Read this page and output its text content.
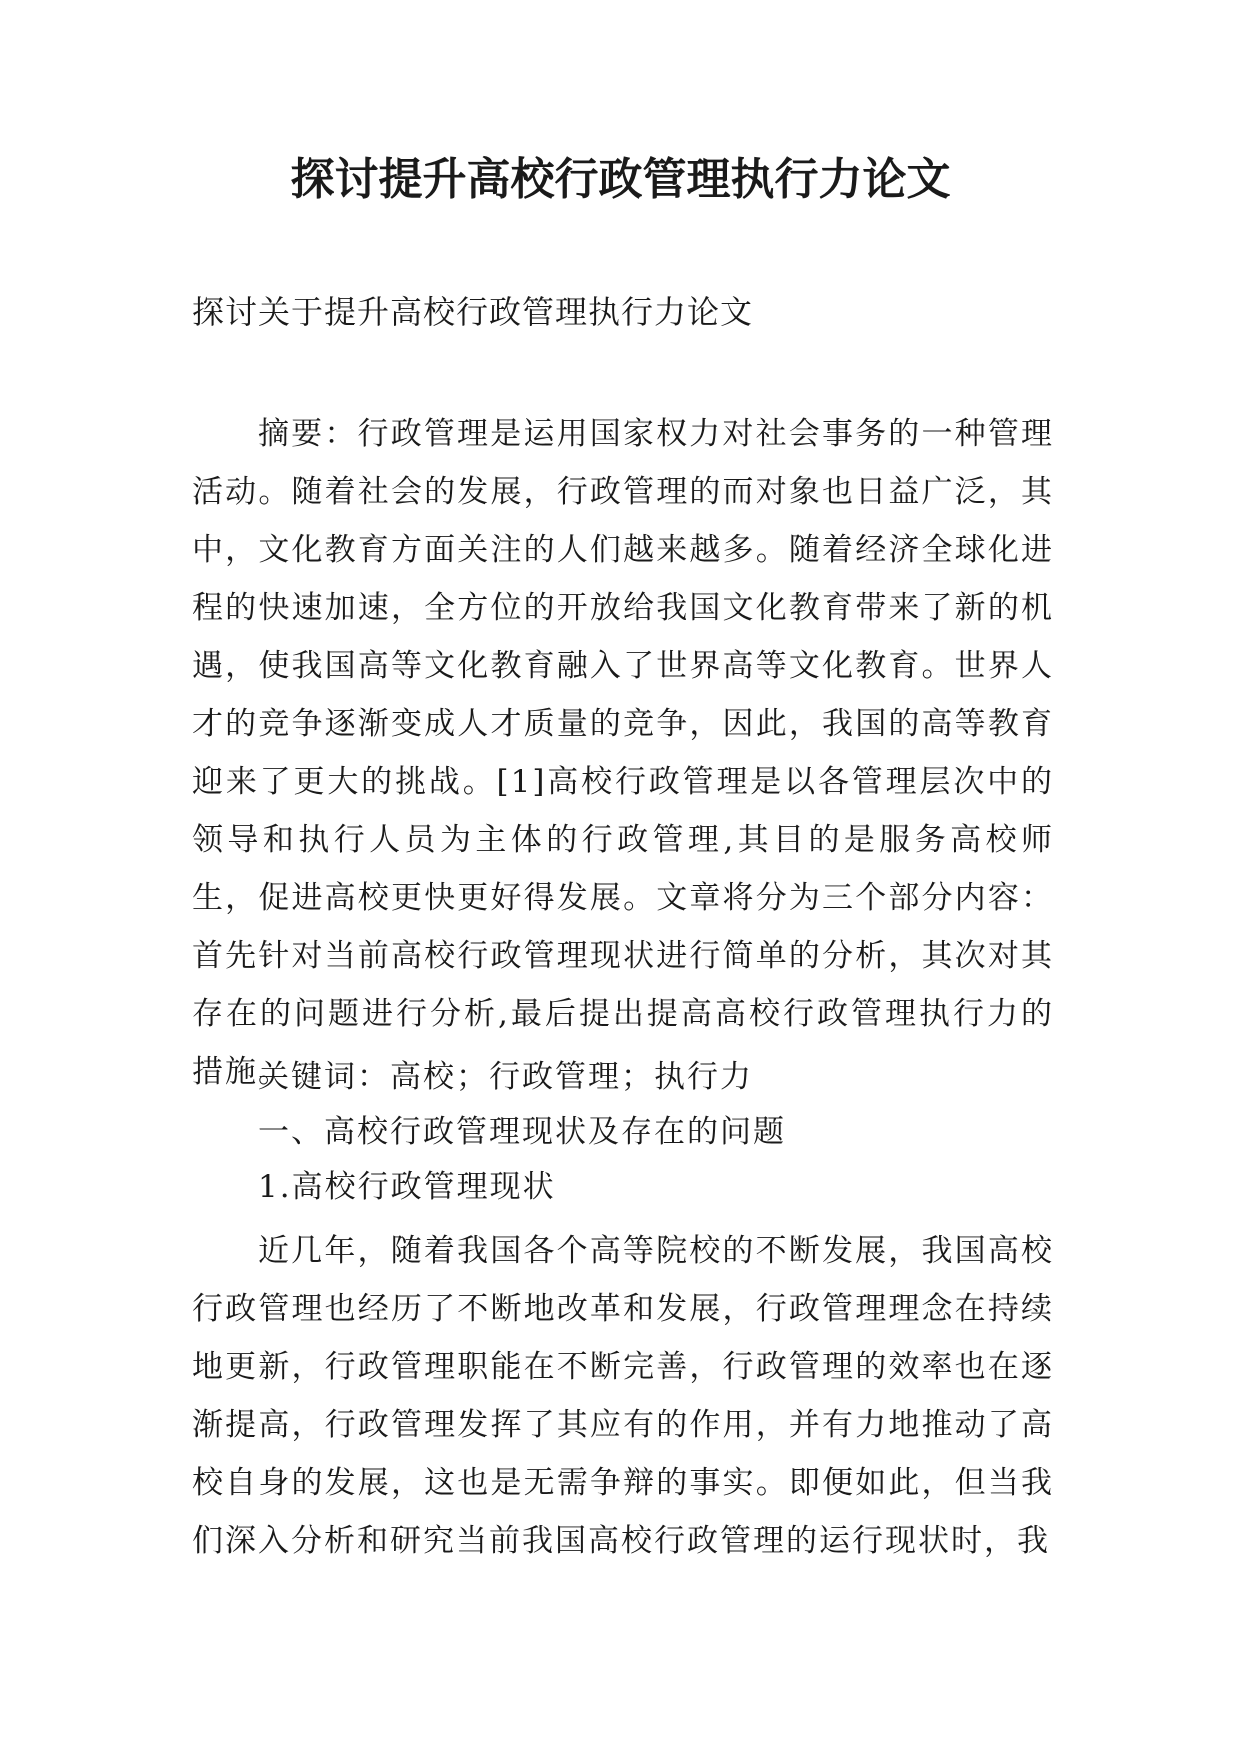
探讨提升高校行政管理执行力论文

探讨关于提升高校行政管理执行力论文

摘要：行政管理是运用国家权力对社会事务的一种管理活动。随着社会的发展，行政管理的而对象也日益广泛，其中，文化教育方面关注的人们越来越多。随着经济全球化进程的快速加速，全方位的开放给我国文化教育带来了新的机遇，使我国高等文化教育融入了世界高等文化教育。世界人才的竞争逐渐变成人才质量的竞争，因此，我国的高等教育迎来了更大的挑战。[1]高校行政管理是以各管理层次中的领导和执行人员为主体的行政管理,其目的是服务高校师生，促进高校更快更好得发展。文章将分为三个部分内容：首先针对当前高校行政管理现状进行简单的分析，其次对其存在的问题进行分析,最后提出提高高校行政管理执行力的措施。

关键词：高校；行政管理；执行力

一、高校行政管理现状及存在的问题

1.高校行政管理现状

近几年，随着我国各个高等院校的不断发展，我国高校行政管理也经历了不断地改革和发展，行政管理理念在持续地更新，行政管理职能在不断完善，行政管理的效率也在逐渐提高，行政管理发挥了其应有的作用，并有力地推动了高校自身的发展，这也是无需争辩的事实。即便如此，但当我们深入分析和研究当前我国高校行政管理的运行现状时，我
